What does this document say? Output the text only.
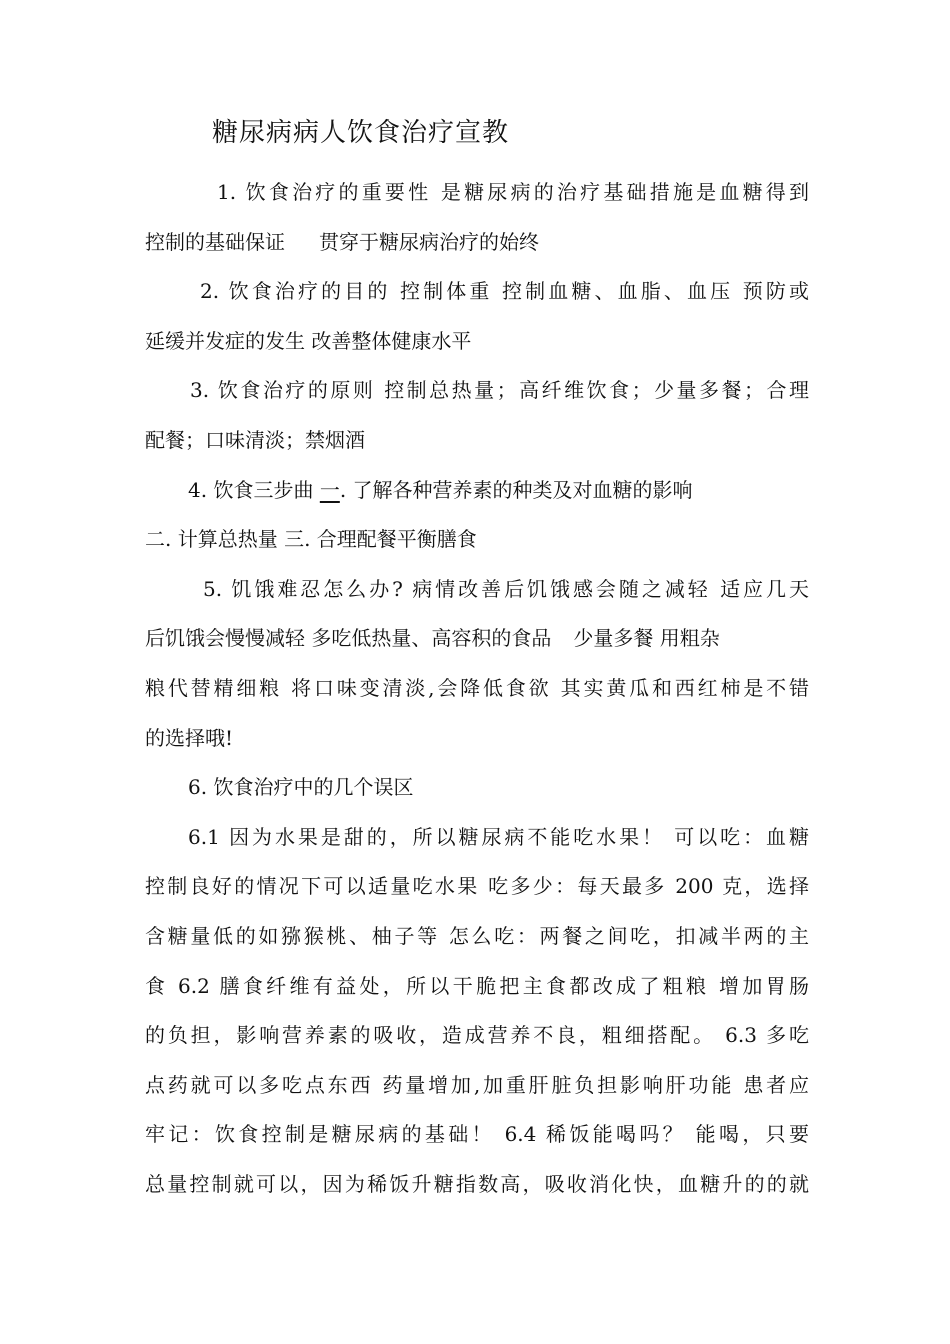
糖尿病病人饮食治疗宣教
1. 饮食治疗的重要性 是糖尿病的治疗基础措施是血糖得到
控制的基础保证 贯穿于糖尿病治疗的始终
2. 饮食治疗的目的 控制体重 控制血糖、血脂、血压 预防或
延缓并发症的发生 改善整体健康水平
3. 饮食治疗的原则 控制总热量；高纤维饮食；少量多餐；合理
配餐；口味清淡；禁烟酒
4. 饮食三步曲 一. 了解各种营养素的种类及对血糖的影响
二. 计算总热量 三. 合理配餐平衡膳食
5. 饥饿难忍怎么办? 病情改善后饥饿感会随之减轻 适应几天
后饥饿会慢慢减轻 多吃低热量、高容积的食品 少量多餐 用粗杂
粮代替精细粮 将口味变清淡,会降低食欲 其实黄瓜和西红柿是不错
的选择哦!
6. 饮食治疗中的几个误区
6.1 因为水果是甜的，所以糖尿病不能吃水果！ 可以吃：血糖
控制良好的情况下可以适量吃水果 吃多少：每天最多 200 克，选择
含糖量低的如猕猴桃、柚子等 怎么吃：两餐之间吃，扣减半两的主
食 6.2 膳食纤维有益处，所以干脆把主食都改成了粗粮 增加胃肠
的负担，影响营养素的吸收，造成营养不良，粗细搭配。 6.3 多吃
点药就可以多吃点东西 药量增加,加重肝脏负担影响肝功能 患者应
牢记：饮食控制是糖尿病的基础！ 6.4 稀饭能喝吗？ 能喝，只要
总量控制就可以，因为稀饭升糖指数高，吸收消化快，血糖升的的就
